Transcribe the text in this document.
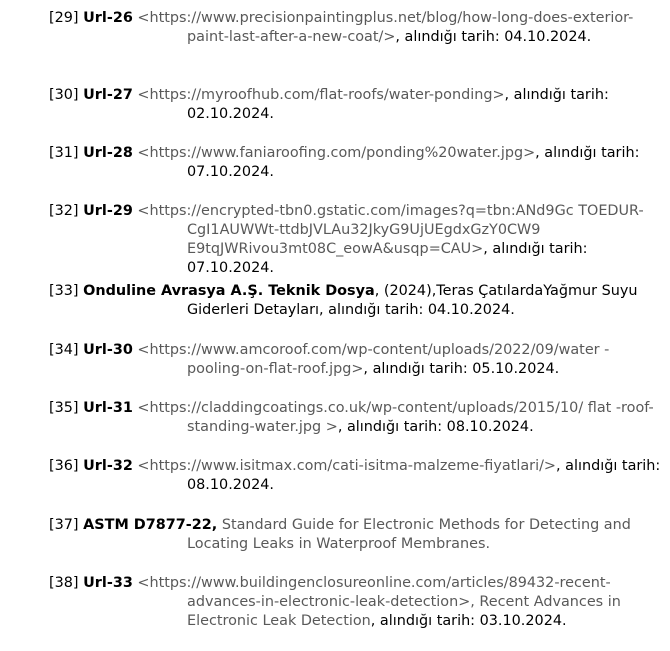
[29] Url-26 <https://www.precisionpaintingplus.net/blog/how-long-does-exterior-paint-last-after-a-new-coat/>, alındığı tarih: 04.10.2024.
[30] Url-27 <https://myroofhub.com/flat-roofs/water-ponding>, alındığı tarih: 02.10.2024.
[31] Url-28 <https://www.faniaroofing.com/ponding%20water.jpg>, alındığı tarih: 07.10.2024.
[32] Url-29 <https://encrypted-tbn0.gstatic.com/images?q=tbn:ANd9Gc TOEDUR-CgI1AUWWt-ttdbJVLAu32JkyG9UjUEgdxGzY0CW9 E9tqJWRivou3mt08C_eowA&usqp=CAU>, alındığı tarih: 07.10.2024.
[33] Onduline Avrasya A.Ş. Teknik Dosya, (2024),Teras ÇatılardaYağmur Suyu Giderleri Detayları, alındığı tarih: 04.10.2024.
[34] Url-30 <https://www.amcoroof.com/wp-content/uploads/2022/09/water -pooling-on-flat-roof.jpg>, alındığı tarih: 05.10.2024.
[35] Url-31 <https://claddingcoatings.co.uk/wp-content/uploads/2015/10/ flat -roof-standing-water.jpg >, alındığı tarih: 08.10.2024.
[36] Url-32 <https://www.isitmax.com/cati-isitma-malzeme-fiyatlari/>, alındığı tarih: 08.10.2024.
[37] ASTM D7877-22, Standard Guide for Electronic Methods for Detecting and Locating Leaks in Waterproof Membranes.
[38] Url-33 <https://www.buildingenclosureonline.com/articles/89432-recent-advances-in-electronic-leak-detection>, Recent Advances in Electronic Leak Detection, alındığı tarih: 03.10.2024.
